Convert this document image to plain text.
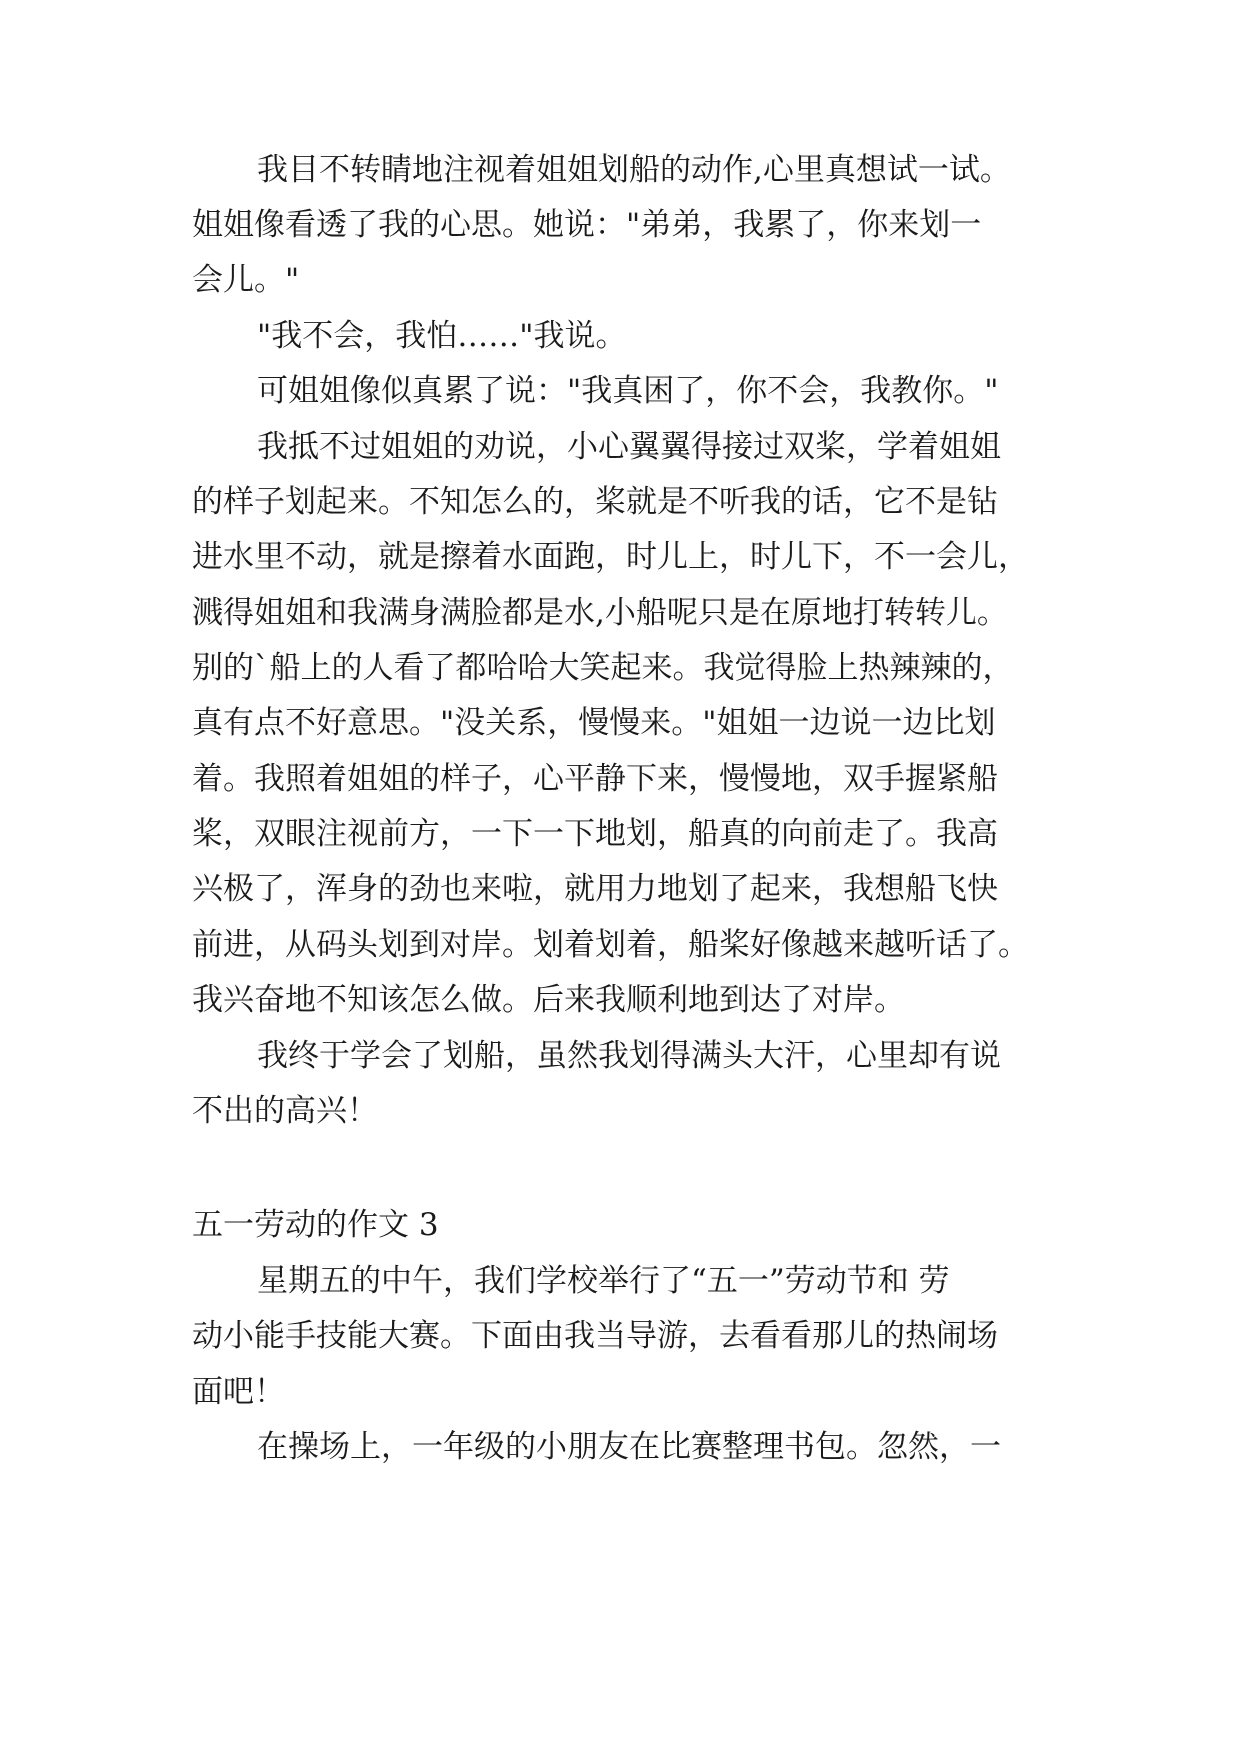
我目不转睛地注视着姐姐划船的动作,心里真想试一试。
姐姐像看透了我的心思。她说："弟弟，我累了，你来划一
会儿。"
"我不会，我怕……"我说。
可姐姐像似真累了说："我真困了，你不会，我教你。"
我抵不过姐姐的劝说，小心翼翼得接过双桨，学着姐姐
的样子划起来。不知怎么的，桨就是不听我的话，它不是钻
进水里不动，就是擦着水面跑，时儿上，时儿下，不一会儿，
溅得姐姐和我满身满脸都是水,小船呢只是在原地打转转儿。
别的`船上的人看了都哈哈大笑起来。我觉得脸上热辣辣的，
真有点不好意思。"没关系，慢慢来。"姐姐一边说一边比划
着。我照着姐姐的样子，心平静下来，慢慢地，双手握紧船
桨，双眼注视前方，一下一下地划，船真的向前走了。我高
兴极了，浑身的劲也来啦，就用力地划了起来，我想船飞快
前进，从码头划到对岸。划着划着，船桨好像越来越听话了。
我兴奋地不知该怎么做。后来我顺利地到达了对岸。
我终于学会了划船，虽然我划得满头大汗，心里却有说
不出的高兴！
五一劳动的作文 3
星期五的中午，我们学校举行了“五一”劳动节和 劳
动小能手技能大赛。下面由我当导游，去看看那儿的热闹场
面吧！
在操场上，一年级的小朋友在比赛整理书包。忽然，一
